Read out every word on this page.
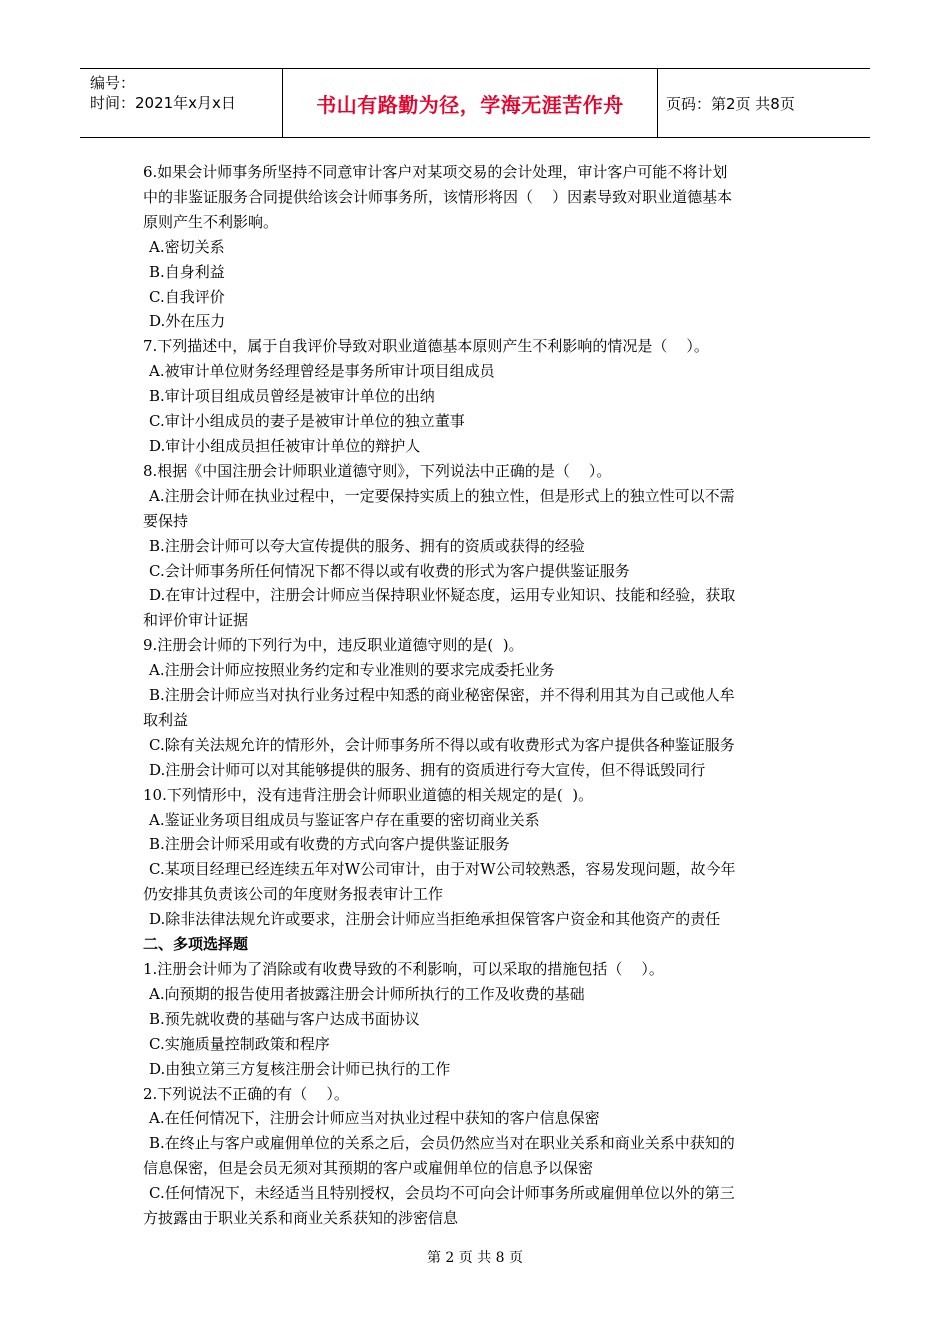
编号：
时间：2021年x月x日	书山有路勤为径，学海无涯苦作舟	页码：第2页 共8页
6.如果会计师事务所坚持不同意审计客户对某项交易的会计处理，审计客户可能不将计划
中的非鉴证服务合同提供给该会计师事务所，该情形将因（    ）因素导致对职业道德基本
原则产生不利影响。
A.密切关系
B.自身利益
C.自我评价
D.外在压力
7.下列描述中，属于自我评价导致对职业道德基本原则产生不利影响的情况是（    ）。
A.被审计单位财务经理曾经是事务所审计项目组成员
B.审计项目组成员曾经是被审计单位的出纳
C.审计小组成员的妻子是被审计单位的独立董事
D.审计小组成员担任被审计单位的辩护人
8.根据《中国注册会计师职业道德守则》，下列说法中正确的是（    ）。
A.注册会计师在执业过程中，一定要保持实质上的独立性，但是形式上的独立性可以不需
要保持
B.注册会计师可以夸大宣传提供的服务、拥有的资质或获得的经验
C.会计师事务所任何情况下都不得以或有收费的形式为客户提供鉴证服务
D.在审计过程中，注册会计师应当保持职业怀疑态度，运用专业知识、技能和经验，获取
和评价审计证据
9.注册会计师的下列行为中，违反职业道德守则的是(  )。
A.注册会计师应按照业务约定和专业准则的要求完成委托业务
B.注册会计师应当对执行业务过程中知悉的商业秘密保密，并不得利用其为自己或他人牟
取利益
C.除有关法规允许的情形外，会计师事务所不得以或有收费形式为客户提供各种鉴证服务
D.注册会计师可以对其能够提供的服务、拥有的资质进行夸大宣传，但不得诋毁同行
10.下列情形中，没有违背注册会计师职业道德的相关规定的是(  )。
A.鉴证业务项目组成员与鉴证客户存在重要的密切商业关系
B.注册会计师采用或有收费的方式向客户提供鉴证服务
C.某项目经理已经连续五年对W公司审计，由于对W公司较熟悉，容易发现问题，故今年
仍安排其负责该公司的年度财务报表审计工作
D.除非法律法规允许或要求，注册会计师应当拒绝承担保管客户资金和其他资产的责任
二、多项选择题
1.注册会计师为了消除或有收费导致的不利影响，可以采取的措施包括（    ）。
A.向预期的报告使用者披露注册会计师所执行的工作及收费的基础
B.预先就收费的基础与客户达成书面协议
C.实施质量控制政策和程序
D.由独立第三方复核注册会计师已执行的工作
2.下列说法不正确的有（    ）。
A.在任何情况下，注册会计师应当对执业过程中获知的客户信息保密
B.在终止与客户或雇佣单位的关系之后，会员仍然应当对在职业关系和商业关系中获知的
信息保密，但是会员无须对其预期的客户或雇佣单位的信息予以保密
C.任何情况下，未经适当且特别授权，会员均不可向会计师事务所或雇佣单位以外的第三
方披露由于职业关系和商业关系获知的涉密信息
第 2 页 共 8 页
